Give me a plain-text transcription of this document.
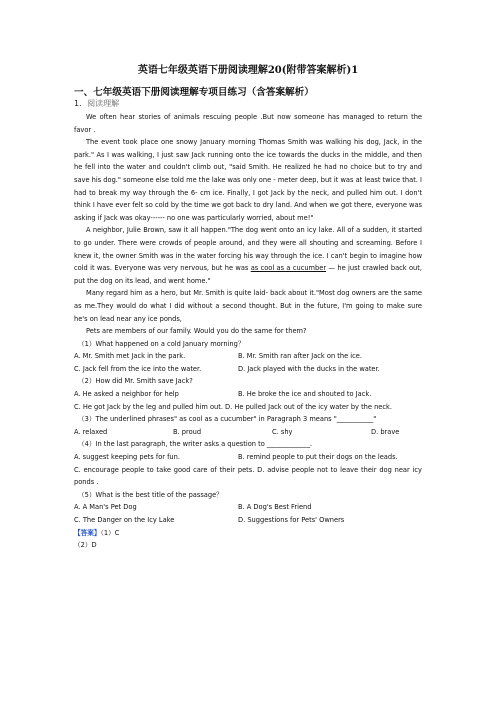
英语七年级英语下册阅读理解20(附带答案解析)1
一、七年级英语下册阅读理解专项目练习（含答案解析）
1．阅读理解

We often hear stories of animals rescuing people .But now someone has managed to return the favor .

The event took place one snowy January morning Thomas Smith was walking his dog, Jack, in the park." As I was walking, I just saw Jack running onto the ice towards the ducks in the middle, and then he fell into the water and couldn't climb out, "said Smith. He realized he had no choice but to try and save his dog." someone else told me the lake was only one - meter deep, but it was at least twice that. I had to break my way through the 6- cm ice. Finally, I got Jack by the neck, and pulled him out. I don't think I have ever felt so cold by the time we got back to dry land. And when we got there, everyone was asking if Jack was okay------ no one was particularly worried, about me!"

A neighbor, Julie Brown, saw it all happen."The dog went onto an icy lake. All of a sudden, it started to go under. There were crowds of people around, and they were all shouting and screaming. Before I knew it, the owner Smith was in the water forcing his way through the ice. I can't begin to imagine how cold it was. Everyone was very nervous, but he was as cool as a cucumber — he just crawled back out, put the dog on its lead, and went home."

Many regard him as a hero, but Mr. Smith is quite laid- back about it."Most dog owners are the same as me.They would do what I did without a second thought. But in the future, I'm going to make sure he's on lead near any ice ponds,

Pets are members of our family. Would you do the same for them?

（1）What happened on a cold January morning？

A. Mr. Smith met Jack in the park.	B. Mr. Smith ran after Jack on the ice.
C. Jack fell from the ice into the water.	D. Jack played with the ducks in the water.

（2）How did Mr. Smith save Jack?

A. He asked a neighbor for help	B. He broke the ice and shouted to Jack.

C. He got Jack by the leg and pulled him out. D. He pulled Jack out of the icy water by the neck.

（3）The underlined phrases" as cool as a cucumber" in Paragraph 3 means "___________"

A. relaxed	B. proud	C. shy	D. brave

（4）In the last paragraph, the writer asks a question to _____________.

A. suggest keeping pets for fun.	B. remind people to put their dogs on the leads.

C. encourage people to take good care of their pets. D. advise people not to leave their dog near icy ponds .

（5）What is the best title of the passage？

A. A Man's Pet Dog	B. A Dog's Best Friend
C. The Danger on the Icy Lake	D. Suggestions for Pets' Owners

【答案】（1）C

（2）D
